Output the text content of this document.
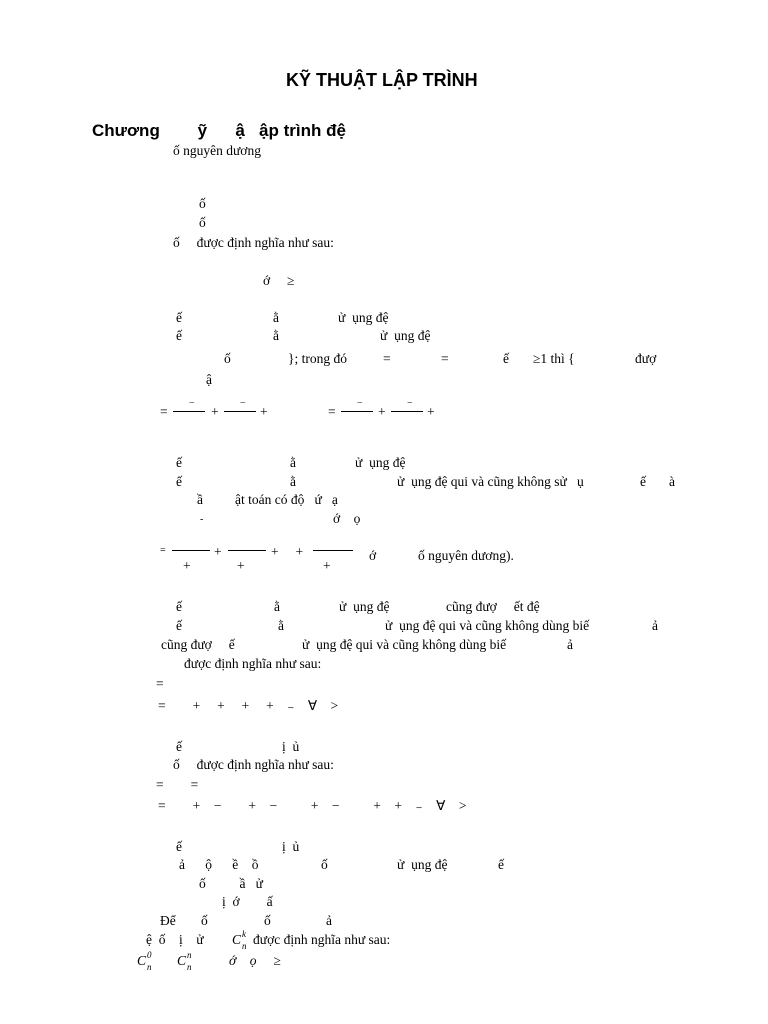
KỸ THUẬT LẬP TRÌNH
Chương        ỹ      ậ   ập trình đệ
ố nguyên dương
ố
ố
ố     được định nghĩa như sau:
ớ     ≥
ế	ằ	ử  ụng đệ
ế	ằ	ử  ụng đệ
ố	}; trong đó	=	=	ế ≥1 thì {	đượ
ậ
=
−
+
−
+	=
−
+
−
+
ế	ằ	ử  ụng đệ
ế	ằ	ử  ụng đệ qui và cũng không sử   ụ	ế à
ầ ật toán có độ   ứ   ạ
-	ớ    ọ
=	+	+     +
+	+	+
ớ	ố nguyên dương).
ế	ằ	ử  ụng đệ	cũng đượ     ết đệ
ế	ằ	ử  ụng đệ qui và cũng không dùng biế	ả
cũng đượ     ế	ử  ụng đệ qui và cũng không dùng biế	ả
được định nghĩa như sau:
=
=        +     +     +     +    ₋    ∀    >
ế	ị  ủ
ố     được định nghĩa như sau:
=        =
=        +    −        +    −          +    −          +    +    ₋    ∀    >
ế	ị  ủ
ả      ộ      ề    ồ	ố	ử  ụng đệ	ế
ố          ầ   ử
ị  ớ        ấ
Để ố	ố	ả
ệ  ố    ị    ử C k
n được định nghĩa như sau:
C 0
n C n
n	ớ    ọ     ≥
